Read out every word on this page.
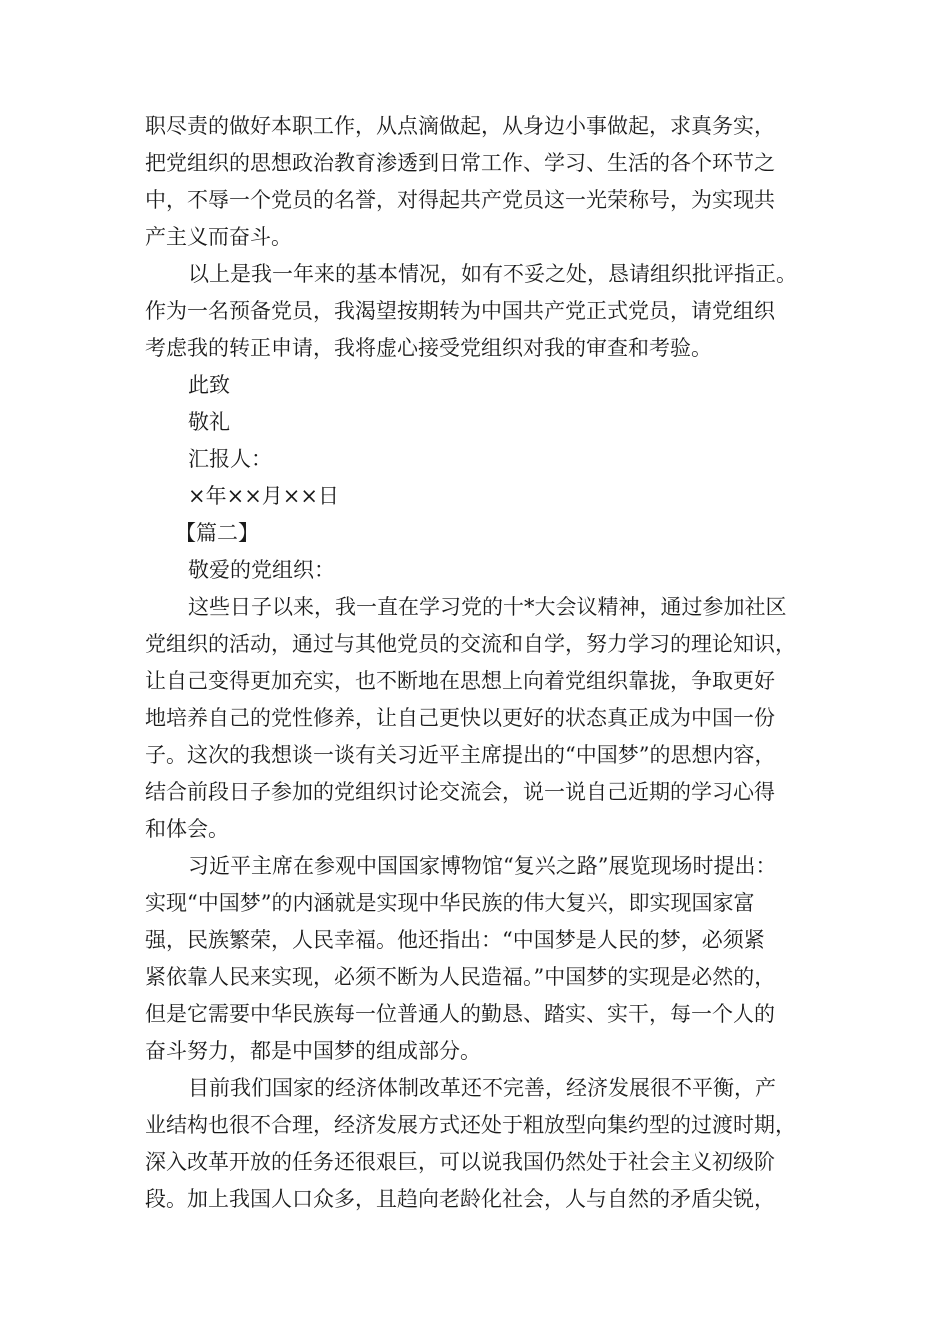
职尽责的做好本职工作，从点滴做起，从身边小事做起，求真务实，
把党组织的思想政治教育渗透到日常工作、学习、生活的各个环节之
中，不辱一个党员的名誉，对得起共产党员这一光荣称号，为实现共
产主义而奋斗。
以上是我一年来的基本情况，如有不妥之处，恳请组织批评指正。
作为一名预备党员，我渴望按期转为中国共产党正式党员，请党组织
考虑我的转正申请，我将虚心接受党组织对我的审查和考验。
此致
敬礼
汇报人：
×年××月××日
【篇二】
敬爱的党组织：
这些日子以来，我一直在学习党的十*大会议精神，通过参加社区
党组织的活动，通过与其他党员的交流和自学，努力学习的理论知识，
让自己变得更加充实，也不断地在思想上向着党组织靠拢，争取更好
地培养自己的党性修养，让自己更快以更好的状态真正成为中国一份
子。这次的我想谈一谈有关习近平主席提出的“中国梦”的思想内容，
结合前段日子参加的党组织讨论交流会，说一说自己近期的学习心得
和体会。
习近平主席在参观中国国家博物馆“复兴之路”展览现场时提出：
实现“中国梦”的内涵就是实现中华民族的伟大复兴，即实现国家富
强，民族繁荣，人民幸福。他还指出：“中国梦是人民的梦，必须紧
紧依靠人民来实现，必须不断为人民造福。”中国梦的实现是必然的，
但是它需要中华民族每一位普通人的勤恳、踏实、实干，每一个人的
奋斗努力，都是中国梦的组成部分。
目前我们国家的经济体制改革还不完善，经济发展很不平衡，产
业结构也很不合理，经济发展方式还处于粗放型向集约型的过渡时期，
深入改革开放的任务还很艰巨，可以说我国仍然处于社会主义初级阶
段。加上我国人口众多，且趋向老龄化社会，人与自然的矛盾尖锐，
